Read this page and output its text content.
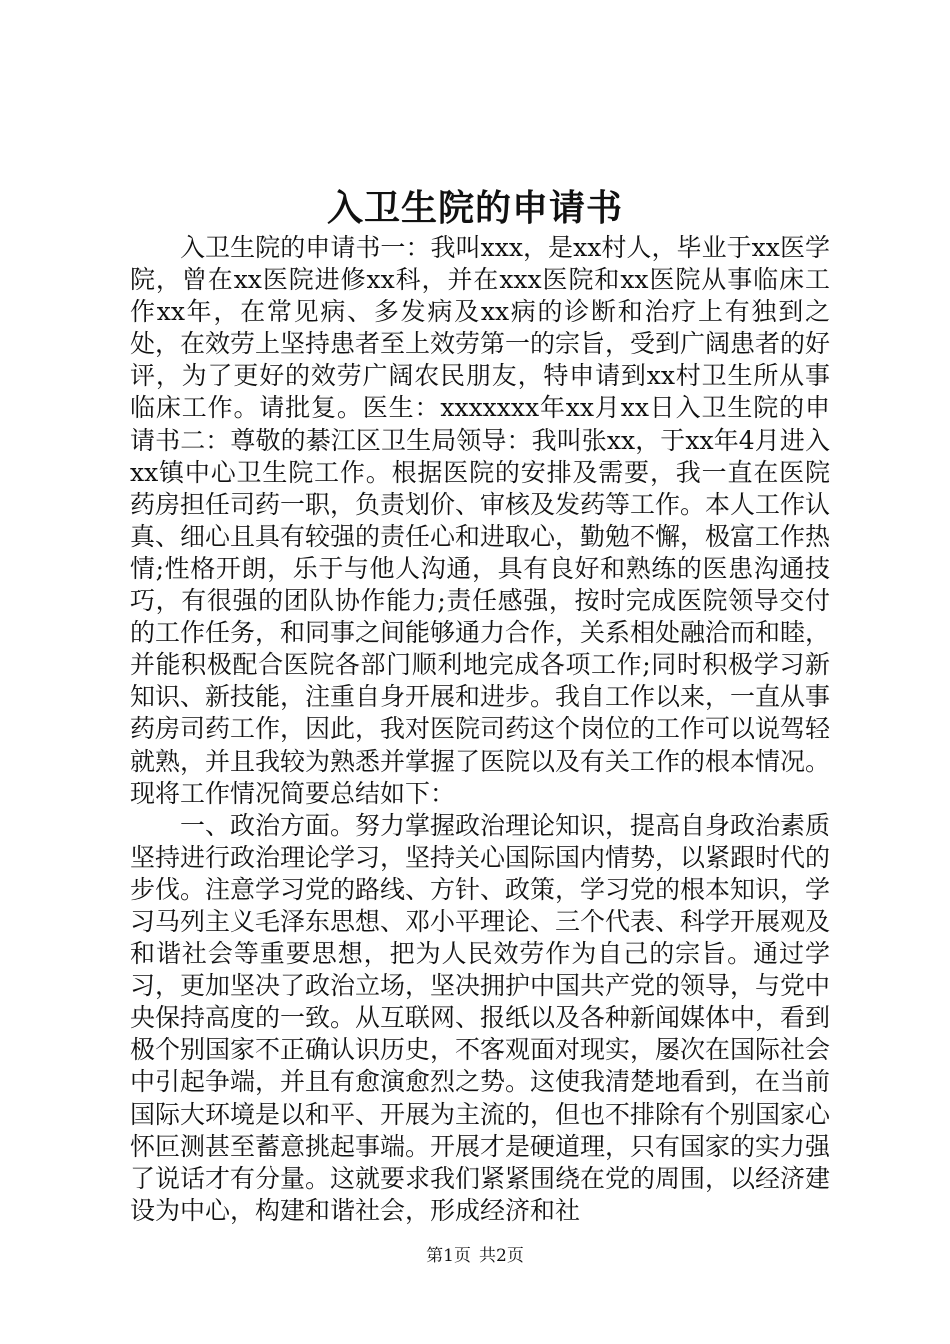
入卫生院的申请书

入卫生院的申请书一：我叫xxx，是xx村人，毕业于xx医学院，曾在xx医院进修xx科，并在xxx医院和xx医院从事临床工作xx年，在常见病、多发病及xx病的诊断和治疗上有独到之处，在效劳上坚持患者至上效劳第一的宗旨，受到广阔患者的好评，为了更好的效劳广阔农民朋友，特申请到xx村卫生所从事临床工作。请批复。医生：xxxxxxx年xx月xx日入卫生院的申请书二：尊敬的綦江区卫生局领导：我叫张xx，于xx年4月进入xx镇中心卫生院工作。根据医院的安排及需要，我一直在医院药房担任司药一职，负责划价、审核及发药等工作。本人工作认真、细心且具有较强的责任心和进取心，勤勉不懈，极富工作热情;性格开朗，乐于与他人沟通，具有良好和熟练的医患沟通技巧，有很强的团队协作能力;责任感强，按时完成医院领导交付的工作任务，和同事之间能够通力合作，关系相处融洽而和睦，并能积极配合医院各部门顺利地完成各项工作;同时积极学习新知识、新技能，注重自身开展和进步。我自工作以来，一直从事药房司药工作，因此，我对医院司药这个岗位的工作可以说驾轻就熟，并且我较为熟悉并掌握了医院以及有关工作的根本情况。现将工作情况简要总结如下：

一、政治方面。努力掌握政治理论知识，提高自身政治素质坚持进行政治理论学习，坚持关心国际国内情势，以紧跟时代的步伐。注意学习党的路线、方针、政策，学习党的根本知识，学习马列主义毛泽东思想、邓小平理论、三个代表、科学开展观及和谐社会等重要思想，把为人民效劳作为自己的宗旨。通过学习，更加坚决了政治立场，坚决拥护中国共产党的领导，与党中央保持高度的一致。从互联网、报纸以及各种新闻媒体中，看到极个别国家不正确认识历史，不客观面对现实，屡次在国际社会中引起争端，并且有愈演愈烈之势。这使我清楚地看到，在当前国际大环境是以和平、开展为主流的，但也不排除有个别国家心怀叵测甚至蓄意挑起事端。开展才是硬道理，只有国家的实力强了说话才有分量。这就要求我们紧紧围绕在党的周围，以经济建设为中心，构建和谐社会，形成经济和社

第1页 共2页
